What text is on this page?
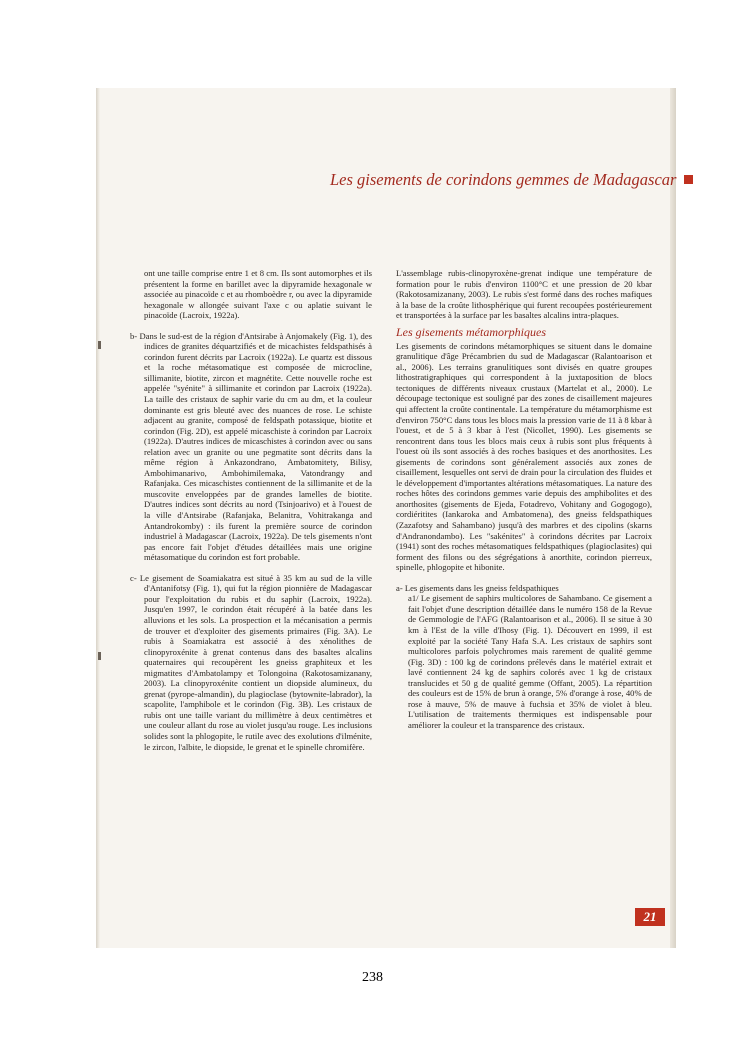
Les gisements de corindons gemmes de Madagascar

ont une taille comprise entre 1 et 8 cm. Ils sont automorphes et ils présentent la forme en barillet avec la dipyramide hexagonale w associée au pinacoïde c et au rhomboèdre r, ou avec la dipyramide hexagonale w allongée suivant l'axe c ou aplatie suivant le pinacoïde (Lacroix, 1922a).

b- Dans le sud-est de la région d'Antsirabe à Anjomakely (Fig. 1), des indices de granites déquartzifiés et de micachistes feldspathisés à corindon furent décrits par Lacroix (1922a). Le quartz est dissous et la roche métasomatique est composée de microcline, sillimanite, biotite, zircon et magnétite. Cette nouvelle roche est appelée "syénite" à sillimanite et corindon par Lacroix (1922a). La taille des cristaux de saphir varie du cm au dm, et la couleur dominante est gris bleuté avec des nuances de rose. Le schiste adjacent au granite, composé de feldspath potassique, biotite et corindon (Fig. 2D), est appelé micaschiste à corindon par Lacroix (1922a). D'autres indices de micaschistes à corindon avec ou sans relation avec un granite ou une pegmatite sont décrits dans la même région à Ankazondrano, Ambatomitety, Bilisy, Ambohimanarivo, Ambohimilemaka, Vatondrangy and Rafanjaka. Ces micaschistes contiennent de la sillimanite et de la muscovite enveloppées par de grandes lamelles de biotite. D'autres indices sont décrits au nord (Tsinjoarivo) et à l'ouest de la ville d'Antsirabe (Rafanjaka, Belanitra, Vohitrakanga and Antandrokomby) : ils furent la première source de corindon industriel à Madagascar (Lacroix, 1922a). De tels gisements n'ont pas encore fait l'objet d'études détaillées mais une origine métasomatique du corindon est fort probable.

c- Le gisement de Soamiakatra est situé à 35 km au sud de la ville d'Antanifotsy (Fig. 1), qui fut la région pionnière de Madagascar pour l'exploitation du rubis et du saphir (Lacroix, 1922a). Jusqu'en 1997, le corindon était récupéré à la batée dans les alluvions et les sols. La prospection et la mécanisation a permis de trouver et d'exploiter des gisements primaires (Fig. 3A). Le rubis à Soamiakatra est associé à des xénolithes de clinopyroxénite à grenat contenus dans des basaltes alcalins quaternaires qui recoupèrent les gneiss graphiteux et les migmatites d'Ambatolampy et Tolongoina (Rakotosamizanany, 2003). La clinopyroxénite contient un diopside alumineux, du grenat (pyrope-almandin), du plagioclase (bytownite-labrador), la scapolite, l'amphibole et le corindon (Fig. 3B). Les cristaux de rubis ont une taille variant du millimètre à deux centimètres et une couleur allant du rose au violet jusqu'au rouge. Les inclusions solides sont la phlogopite, le rutile avec des exolutions d'ilménite, le zircon, l'albite, le diopside, le grenat et le spinelle chromifère.

L'assemblage rubis-clinopyroxène-grenat indique une température de formation pour le rubis d'environ 1100°C et une pression de 20 kbar (Rakotosamizanany, 2003). Le rubis s'est formé dans des roches mafiques à la base de la croûte lithosphérique qui furent recoupées postérieurement et transportées à la surface par les basaltes alcalins intra-plaques.

Les gisements métamorphiques

Les gisements de corindons métamorphiques se situent dans le domaine granulitique d'âge Précambrien du sud de Madagascar (Ralantoarison et al., 2006). Les terrains granulitiques sont divisés en quatre groupes lithostratigraphiques qui correspondent à la juxtaposition de blocs tectoniques de différents niveaux crustaux (Martelat et al., 2000). Le découpage tectonique est souligné par des zones de cisaillement majeures qui affectent la croûte continentale. La température du métamorphisme est d'environ 750°C dans tous les blocs mais la pression varie de 11 à 8 kbar à l'ouest, et de 5 à 3 kbar à l'est (Nicollet, 1990). Les gisements se rencontrent dans tous les blocs mais ceux à rubis sont plus fréquents à l'ouest où ils sont associés à des roches basiques et des anorthosites. Les gisements de corindons sont généralement associés aux zones de cisaillement, lesquelles ont servi de drain pour la circulation des fluides et le développement d'importantes altérations métasomatiques. La nature des roches hôtes des corindons gemmes varie depuis des amphibolites et des anorthosites (gisements de Ejeda, Fotadrevo, Vohitany and Gogogogo), cordiéritites (Iankaroka and Ambatomena), des gneiss feldspathiques (Zazafotsy and Sahambano) jusqu'à des marbres et des cipolins (skarns d'Andranondambo). Les "sakénites" à corindons décrites par Lacroix (1941) sont des roches métasomatiques feldspathiques (plagioclasites) qui forment des filons ou des ségrégations à anorthite, corindon pierreux, spinelle, phlogopite et hibonite.

a- Les gisements dans les gneiss feldspathiques

a1/ Le gisement de saphirs multicolores de Sahambano. Ce gisement a fait l'objet d'une description détaillée dans le numéro 158 de la Revue de Gemmologie de l'AFG (Ralantoarison et al., 2006). Il se situe à 30 km à l'Est de la ville d'Ihosy (Fig. 1). Découvert en 1999, il est exploité par la société Tany Hafa S.A. Les cristaux de saphirs sont multicolores parfois polychromes mais rarement de qualité gemme (Fig. 3D) : 100 kg de corindons prélevés dans le matériel extrait et lavé contiennent 24 kg de saphirs colorés avec 1 kg de cristaux translucides et 50 g de qualité gemme (Offant, 2005). La répartition des couleurs est de 15% de brun à orange, 5% d'orange à rose, 40% de rose à mauve, 5% de mauve à fuchsia et 35% de violet à bleu. L'utilisation de traitements thermiques est indispensable pour améliorer la couleur et la transparence des cristaux.

21
238
